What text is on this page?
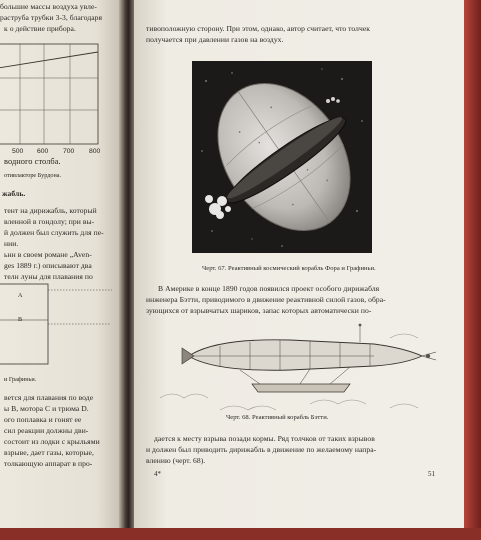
большие массы воздуха увле-
раструба трубки 3-3, благодаря
к о действие прибора.
500 600 700 800
водного столба.
отивлакторе Бурдона.
жабль.
тент на дирижабль, который
вленной в гондолу; при вы-
й должен был служить для пе-
нии.
ьнн в своем романе „Aven-
ges 1889 г.) описывают два
телн луны для плавания по
А
В
и Графиньи.
вется для плавания по воде
ы В, мотора С и трюма D.
ого поплавка и гонят ее
сил реакции должны дви-
состоит из лодки с крыльями
взрыве, дает газы, которые,
толкающую аппарат в про-
тивоположную сторону. При этом, однако, автор считает, что толчек
получается при давлении газов на воздух.
Черт. 67. Реактивный космический корабль Фора и Графиньи.
В Америке в конце 1890 годов появился проект особого дирижабля
инженера Бэтти, приводимого в движение реактивной силой газов, обра-
зующихся от взрывчатых шариков, запас которых автоматически по-
Черт. 68. Реактивный корабль Бэтти.
дается к месту взрыва позади кормы. Ряд толчков от таких взрывов
и должен был приводить дирижабль в движение по желаемому напра-
влению (черт. 68).
4*	51
